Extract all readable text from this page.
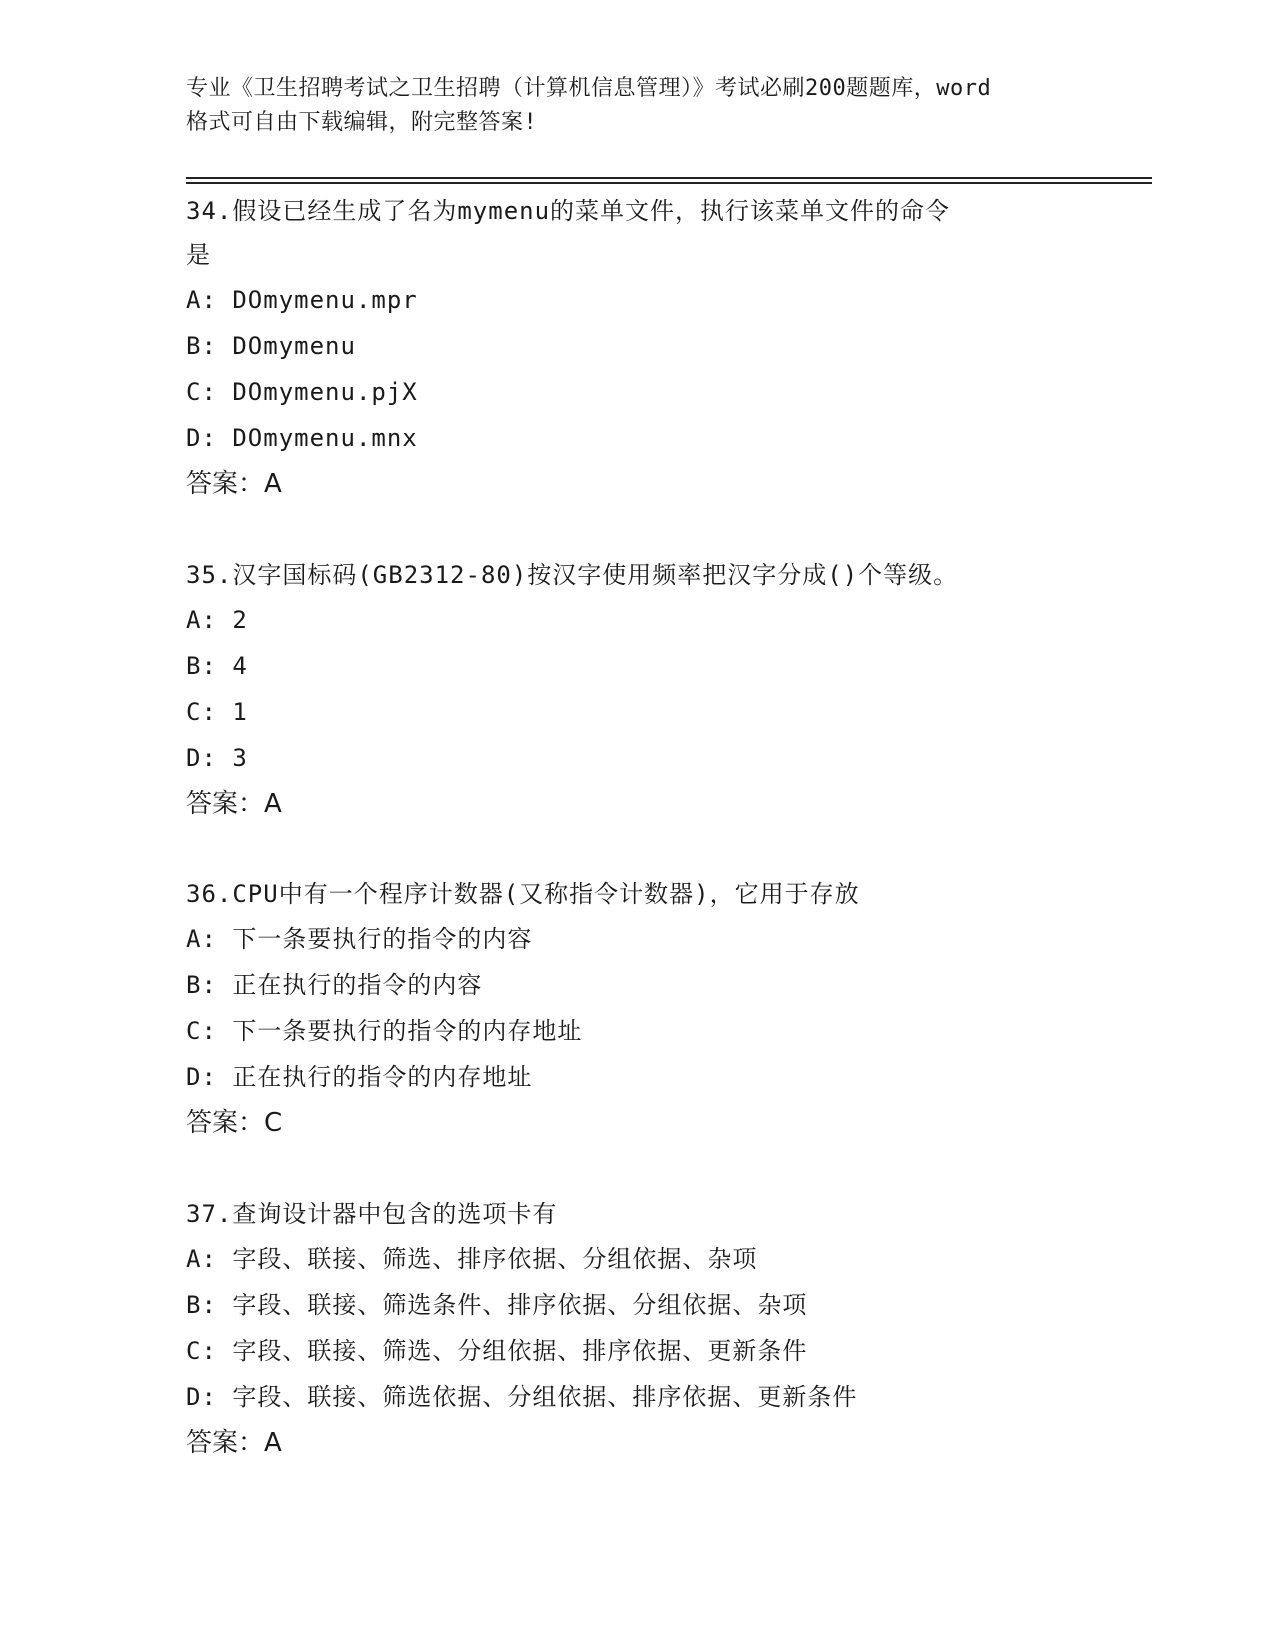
专业《卫生招聘考试之卫生招聘（计算机信息管理）》考试必刷200题题库，word
格式可自由下载编辑，附完整答案!
34.假设已经生成了名为mymenu的菜单文件，执行该菜单文件的命令
是
A: DOmymenu.mpr
B: DOmymenu
C: DOmymenu.pjX
D: DOmymenu.mnx
答案：A
35.汉字国标码(GB2312-80)按汉字使用频率把汉字分成()个等级。
A: 2
B: 4
C: 1
D: 3
答案：A
36.CPU中有一个程序计数器(又称指令计数器)，它用于存放
A: 下一条要执行的指令的内容
B: 正在执行的指令的内容
C: 下一条要执行的指令的内存地址
D: 正在执行的指令的内存地址
答案：C
37.查询设计器中包含的选项卡有
A: 字段、联接、筛选、排序依据、分组依据、杂项
B: 字段、联接、筛选条件、排序依据、分组依据、杂项
C: 字段、联接、筛选、分组依据、排序依据、更新条件
D: 字段、联接、筛选依据、分组依据、排序依据、更新条件
答案：A
